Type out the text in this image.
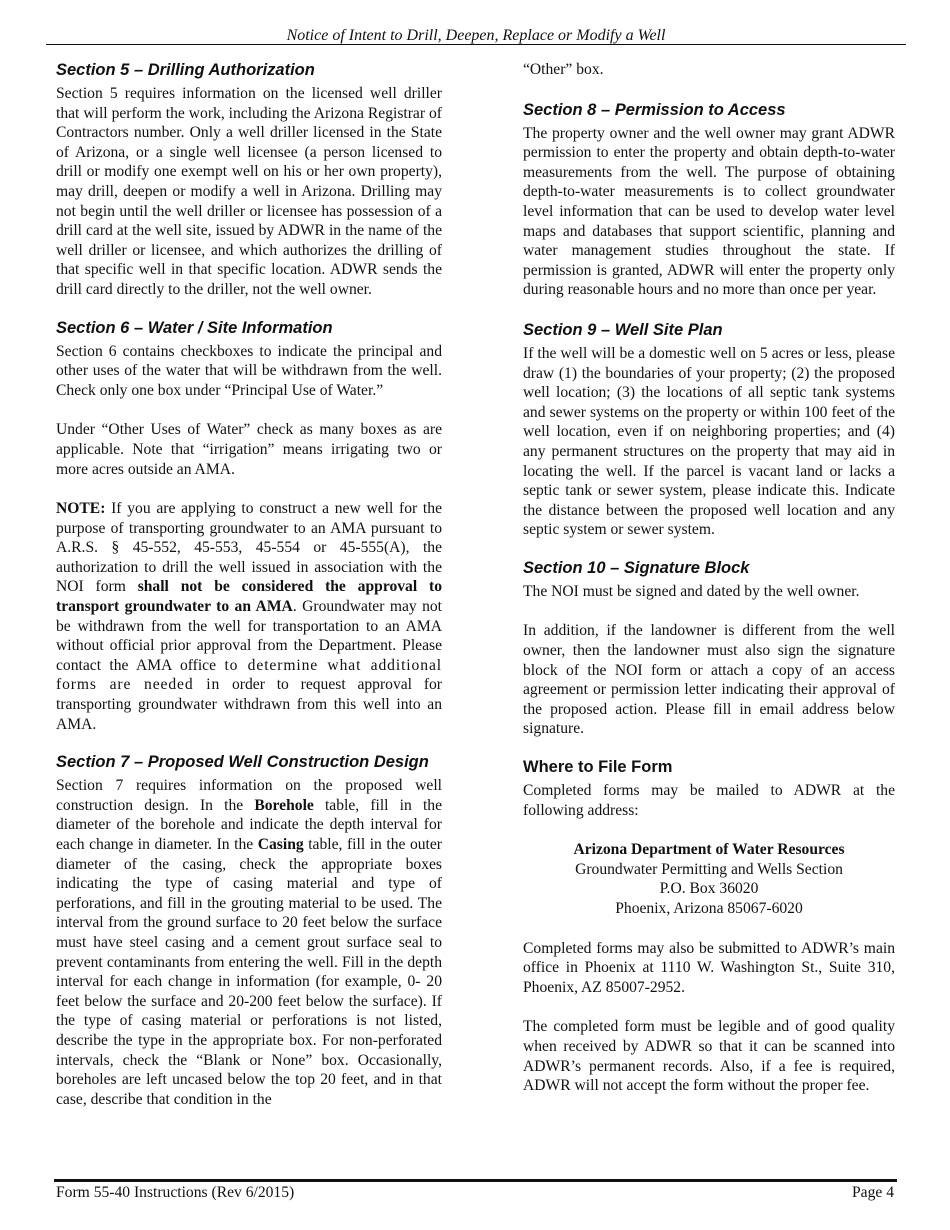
Notice of Intent to Drill, Deepen, Replace or Modify a Well
Section 5 – Drilling Authorization

Section 5 requires information on the licensed well driller that will perform the work, including the Arizona Registrar of Contractors number. Only a well driller licensed in the State of Arizona, or a single well licensee (a person licensed to drill or modify one exempt well on his or her own property), may drill, deepen or modify a well in Arizona. Drilling may not begin until the well driller or licensee has possession of a drill card at the well site, issued by ADWR in the name of the well driller or licensee, and which authorizes the drilling of that specific well in that specific location. ADWR sends the drill card directly to the driller, not the well owner.

Section 6 – Water / Site Information

Section 6 contains checkboxes to indicate the principal and other uses of the water that will be withdrawn from the well. Check only one box under “Principal Use of Water.”

Under “Other Uses of Water” check as many boxes as are applicable. Note that “irrigation” means irrigating two or more acres outside an AMA.

NOTE: If you are applying to construct a new well for the purpose of transporting groundwater to an AMA pursuant to A.R.S. § 45-552, 45-553, 45-554 or 45-555(A), the authorization to drill the well issued in association with the NOI form shall not be considered the approval to transport groundwater to an AMA. Groundwater may not be withdrawn from the well for transportation to an AMA without official prior approval from the Department. Please contact the AMA office to determine what additional forms are needed in order to request approval for transporting groundwater withdrawn from this well into an AMA.

Section 7 – Proposed Well Construction Design

Section 7 requires information on the proposed well construction design. In the Borehole table, fill in the diameter of the borehole and indicate the depth interval for each change in diameter. In the Casing table, fill in the outer diameter of the casing, check the appropriate boxes indicating the type of casing material and type of perforations, and fill in the grouting material to be used. The interval from the ground surface to 20 feet below the surface must have steel casing and a cement grout surface seal to prevent contaminants from entering the well. Fill in the depth interval for each change in information (for example, 0- 20 feet below the surface and 20-200 feet below the surface). If the type of casing material or perforations is not listed, describe the type in the appropriate box. For non-perforated intervals, check the “Blank or None” box. Occasionally, boreholes are left uncased below the top 20 feet, and in that case, describe that condition in the

“Other” box.

Section 8 – Permission to Access

The property owner and the well owner may grant ADWR permission to enter the property and obtain depth-to-water measurements from the well. The purpose of obtaining depth-to-water measurements is to collect groundwater level information that can be used to develop water level maps and databases that support scientific, planning and water management studies throughout the state. If permission is granted, ADWR will enter the property only during reasonable hours and no more than once per year.

Section 9 – Well Site Plan

If the well will be a domestic well on 5 acres or less, please draw (1) the boundaries of your property; (2) the proposed well location; (3) the locations of all septic tank systems and sewer systems on the property or within 100 feet of the well location, even if on neighboring properties; and (4) any permanent structures on the property that may aid in locating the well. If the parcel is vacant land or lacks a septic tank or sewer system, please indicate this. Indicate the distance between the proposed well location and any septic system or sewer system.

Section 10 – Signature Block

The NOI must be signed and dated by the well owner.

In addition, if the landowner is different from the well owner, then the landowner must also sign the signature block of the NOI form or attach a copy of an access agreement or permission letter indicating their approval of the proposed action. Please fill in email address below signature.

Where to File Form

Completed forms may be mailed to ADWR at the following address:

Arizona Department of Water Resources
Groundwater Permitting and Wells Section
P.O. Box 36020
Phoenix, Arizona 85067-6020

Completed forms may also be submitted to ADWR’s main office in Phoenix at 1110 W. Washington St., Suite 310, Phoenix, AZ 85007-2952.

The completed form must be legible and of good quality when received by ADWR so that it can be scanned into ADWR’s permanent records. Also, if a fee is required, ADWR will not accept the form without the proper fee.

Form 55-40 Instructions (Rev 6/2015)	Page 4
